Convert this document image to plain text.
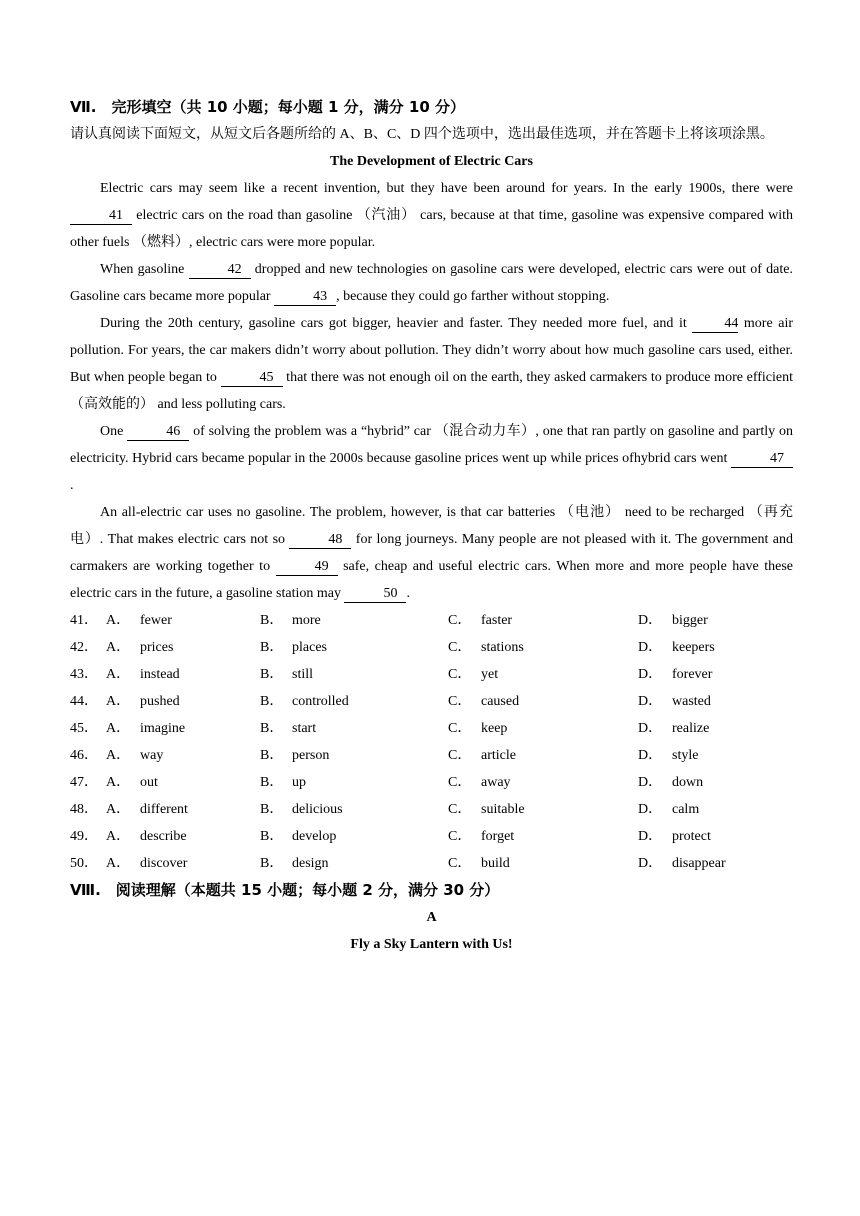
Ⅶ.　完形填空（共 10 小题；每小题 1 分，满分 10 分）
请认真阅读下面短文，从短文后各题所给的 A、B、C、D 四个选项中，选出最佳选项，并在答题卡上将该项涂黑。
The Development of Electric Cars
Electric cars may seem like a recent invention, but they have been around for years. In the early 1900s, there were 41 electric cars on the road than gasoline （汽油） cars, because at that time, gasoline was expensive compared with other fuels （燃料）, electric cars were more popular.
When gasoline	42 dropped and new technologies on gasoline cars were developed, electric cars were out of date. Gasoline cars became more popular	43 , because they could go farther without stopping.
During the 20th century, gasoline cars got bigger, heavier and faster. They needed more fuel, and it 44 more air pollution. For years, the car makers didn’t worry about pollution. They didn’t worry about how much gasoline cars used, either. But when people began to	45 that there was not enough oil on the earth, they asked carmakers to produce more efficient （高效能的） and less polluting cars.
One	46 of solving the problem was a “hybrid” car （混合动力车）, one that ran partly on gasoline and partly on electricity. Hybrid cars became popular in the 2000s because gasoline prices went up while prices ofhybrid cars went	47.
An all-electric car uses no gasoline. The problem, however, is that car batteries （电池） need to be recharged （再充电）. That makes electric cars not so	48 for long journeys. Many people are not pleased with it. The government and carmakers are working together to	49 safe, cheap and useful electric cars. When more and more people have these electric cars in the future, a gasoline station may	50 .
41． A． fewer	B． more	C． faster	D． bigger
42． A． prices	B． places	C． stations	D． keepers
43． A． instead	B． still	C． yet	D． forever
44． A． pushed	B． controlled	C． caused	D． wasted
45． A． imagine	B． start	C． keep	D． realize
46． A． way	B． person	C． article	D． style
47． A． out	B． up	C． away	D． down
48． A． different	B． delicious	C． suitable	D． calm
49． A． describe	B． develop	C． forget	D． protect
50． A． discover	B． design	C． build	D． disappear
Ⅷ.　阅读理解（本题共 15 小题；每小题 2 分，满分 30 分）
A
Fly a Sky Lantern with Us!
